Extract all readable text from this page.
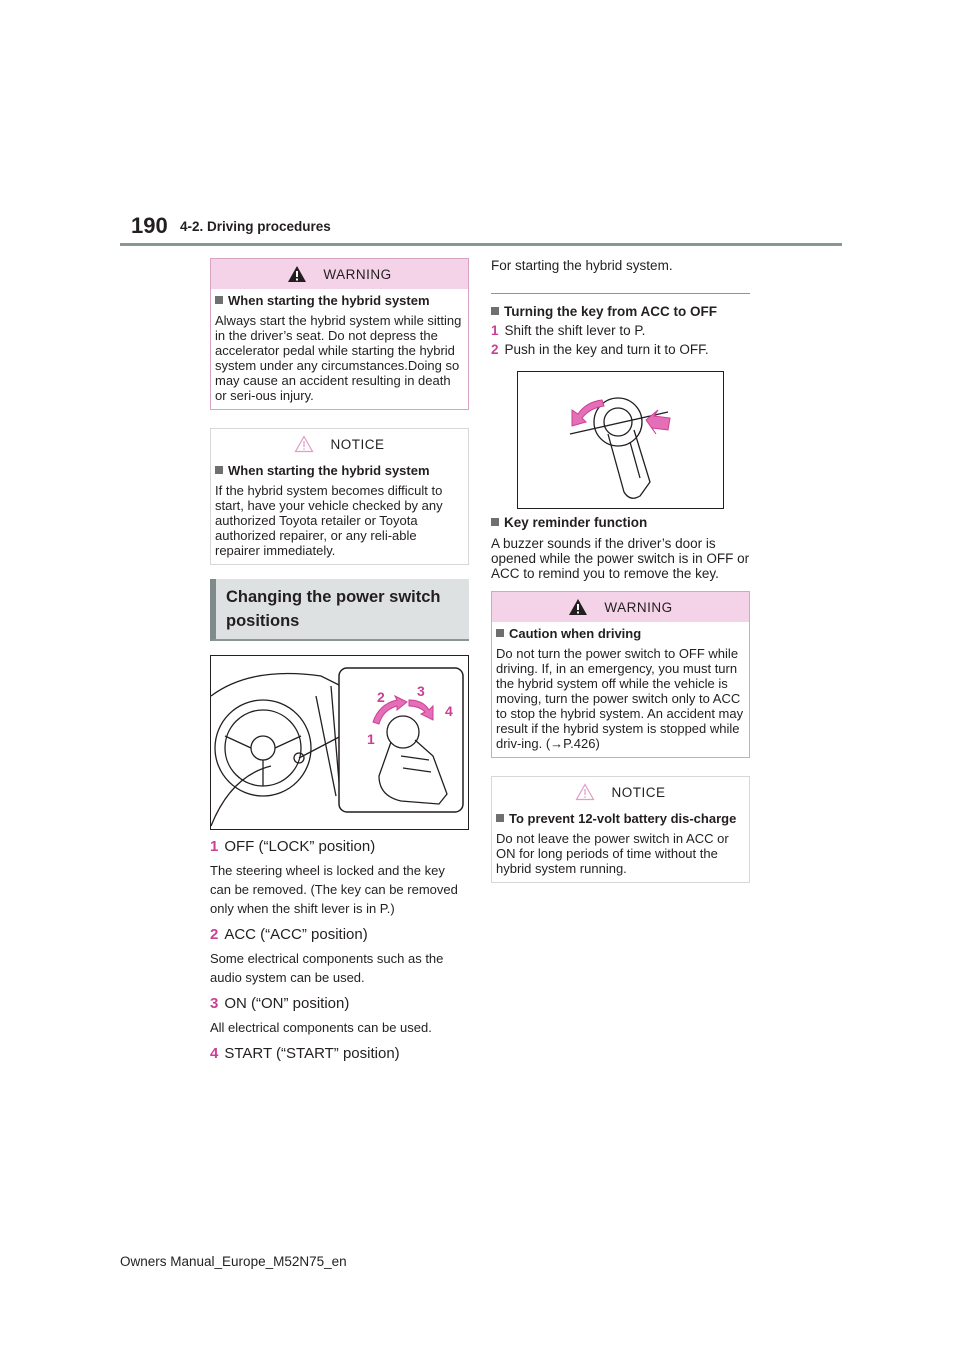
190 4-2. Driving procedures
WARNING
When starting the hybrid system

Always start the hybrid system while sitting in the driver’s seat. Do not depress the accelerator pedal while starting the hybrid system under any circumstances.Doing so may cause an accident resulting in death or seri-ous injury.

NOTICE
When starting the hybrid system

If the hybrid system becomes difficult to start, have your vehicle checked by any authorized Toyota retailer or Toyota authorized repairer, or any reli-able repairer immediately.

Changing the power switch
positions
1
2 3
4
1 OFF (“LOCK” position)
The steering wheel is locked and the key can be removed. (The key can be removed only when the shift lever is in P.)
2 ACC (“ACC” position)
Some electrical components such as the audio system can be used.
3 ON (“ON” position)
All electrical components can be used.
4 START (“START” position)
For starting the hybrid system.
Turning the key from ACC to OFF
1 Shift the shift lever to P.
2 Push in the key and turn it to OFF.
Key reminder function
A buzzer sounds if the driver’s door is opened while the power switch is in OFF or ACC to remind you to remove the key.
WARNING
Caution when driving

Do not turn the power switch to OFF while driving. If, in an emergency, you must turn the hybrid system off while the vehicle is moving, turn the power switch only to ACC to stop the hybrid system. An accident may result if the hybrid system is stopped while driv-ing. (→P.426)

NOTICE
To prevent 12-volt battery dis-charge

Do not leave the power switch in ACC or ON for long periods of time without the hybrid system running.

Owners Manual_Europe_M52N75_en
